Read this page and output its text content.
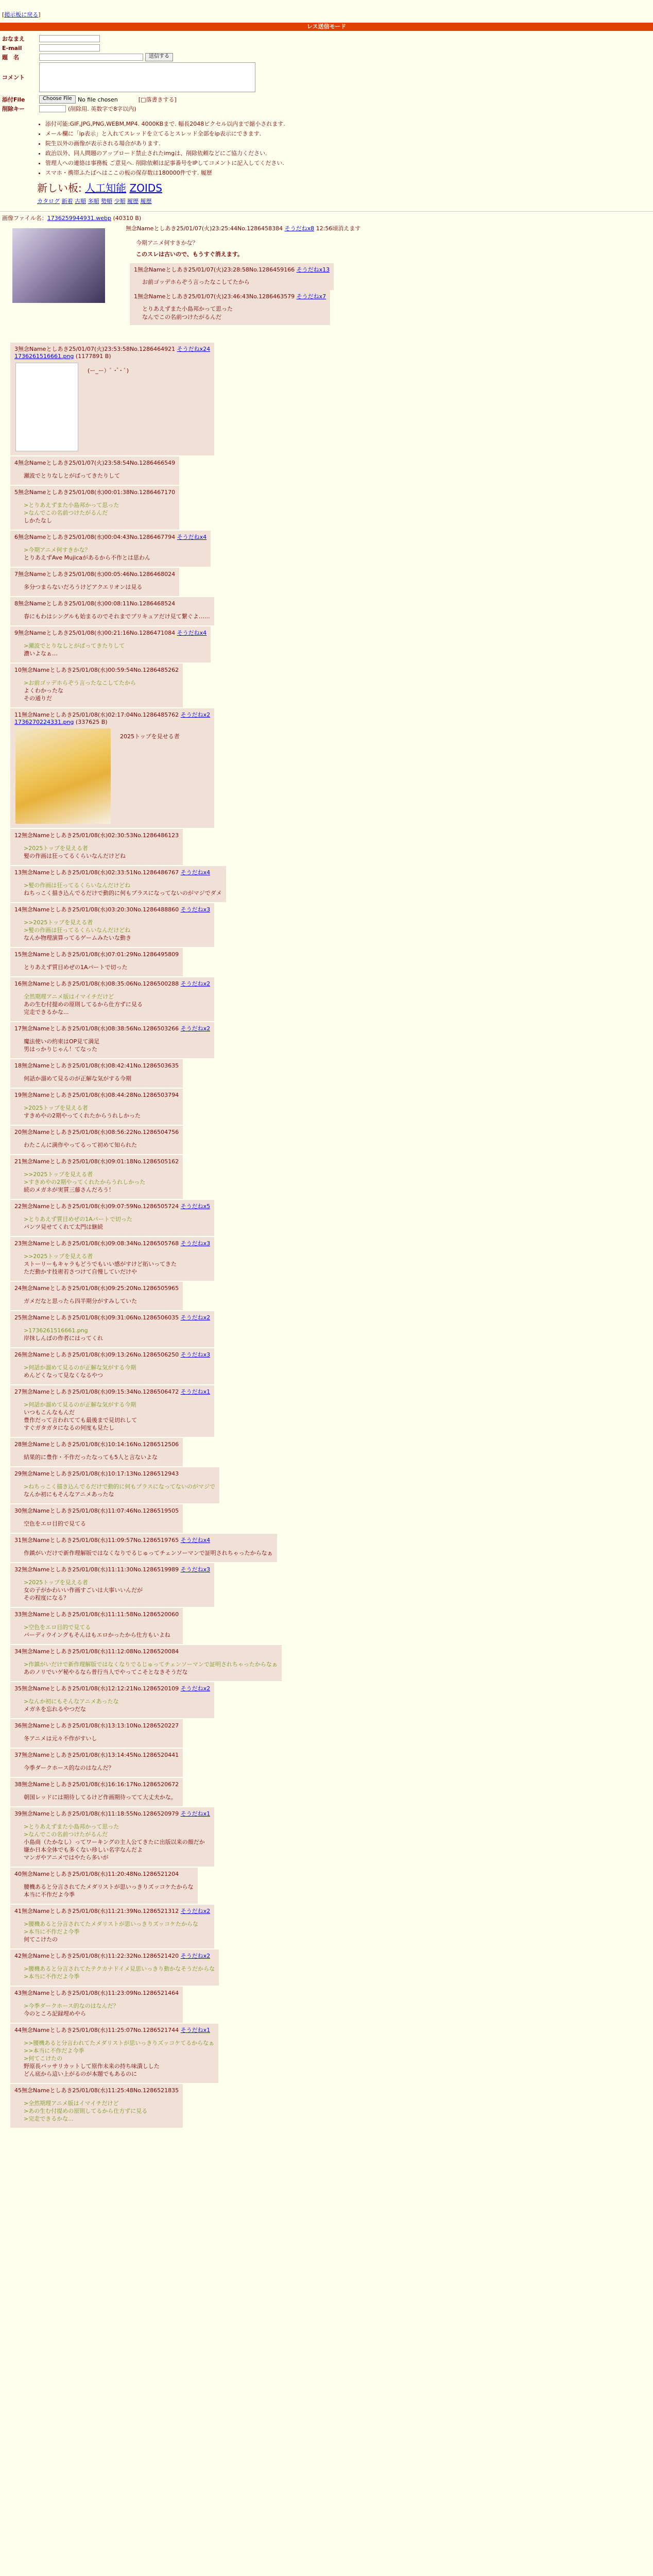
[掲示板に戻る]
レス送信モード
おなまえ
E-mail
題　名	送信する
コメント
添付File	Choose File	No file chosen	[□落書きする]
削除キー	(削除用. 英数字で8字以内)
• 添付可能:GIF,JPG,PNG,WEBM,MP4. 4000KBまで. 幅長2048ピクセル以内まで縮小されます.
• メール欄に「ip表示」と入れてスレッドを立てるとスレッド全部をip表示にできます.
• 院生以外の画像が表示される場合があります.
• 政治以外、同人問題のアップロード禁止されたimgは、削除依頼などにご協力ください.
• 管理人への連絡は事務板 ご意見へ. 削除依頼は記事番号をIPしてコメントに記入してください.
• スマホ・携帯ふたばへはここの板の保存数は180000件です. 履歴
新しい板: 人工知能 ZOIDS
カタログ 新着 古順 多順 勢順 少順 履歴 履歴
画像ファイル名：1736259944931.webp (40310 B)
無念Nameとしあき25/01/07(火)23:25:44No.1286458384 そうだねx8 12:56頃消えます
今期アニメ何すきかな？
このスレは古いので、もうすぐ消えます。
1無念Nameとしあき25/01/07(火)23:28:58No.1286459166 そうだねx13
お前ゴッデホらぞう言ったなこしてたから
1無念Nameとしあき25/01/07(火)23:46:43No.1286463579 そうだねx7
とりあえずまた小島邦かって思った
なんでこの名前つけたがるんだ
3無念Nameとしあき25/01/07(火)23:53:58No.1286464921 そうだねx24
1736261516661.png (1177891 B)
(ー_ー）ﾟ・゚・ﾟ)
4無念Nameとしあき25/01/07(火)23:58:54No.1286466549
瀬波でとりなしとがばってきたりして
5無念Nameとしあき25/01/08(水)00:01:38No.1286467170
>とりあえずまた小島邦かって思った
>なんでこの名前つけたがるんだ
しかたなし
6無念Nameとしあき25/01/08(水)00:04:43No.1286467794 そうだねx4
>今期アニメ何すきかな？
とりあえずAve Mujicaがあるから不作とは思わん
7無念Nameとしあき25/01/08(水)00:05:46No.1286468024
多分つまらないだろうけどアクエリオンは見る
8無念Nameとしあき25/01/08(水)00:08:11No.1286468524
春にもわはシングルも始まるのでそれまでプリキュアだけ見て繋ぐよ……
9無念Nameとしあき25/01/08(水)00:21:16No.1286471084 そうだねx4
>瀬波でとりなしとがばってきたりして
濃いよなぁ…
10無念Nameとしあき25/01/08(水)00:59:54No.1286485262
>お前ゴッデホらぞう言ったなこしてたから
よくわかったな
その通りだ
11無念Nameとしあき25/01/08(水)02:17:04No.1286485762 そうだねx2
1736270224331.png (337625 B)
2025トップを見せる者
12無念Nameとしあき25/01/08(水)02:30:53No.1286486123
>2025トップを見える者
髪の作画は狂ってるくらいなんだけどね
13無念Nameとしあき25/01/08(水)02:33:51No.1286486767 そうだねx4
>髪の作画は狂ってるくらいなんだけどね
ねちっこく描き込んでるだけで動的に何もプラスになってないのがマジでダメ
14無念Nameとしあき25/01/08(水)03:20:30No.1286488860 そうだねx3
>>2025トップを見える者
>髪の作画は狂ってるくらいなんだけどね
なんか物理演算ってるゲームみたいな動き
15無念Nameとしあき25/01/08(水)07:01:29No.1286495809
とりあえず質目めぜの1Aパートで切った
16無念Nameとしあき25/01/08(水)08:35:06No.1286500288 そうだねx2
全然期理アニメ版はイマイチだけど
あの生む付提めの原則してるから仕方ずに見る
完走できるかな...
17無念Nameとしあき25/01/08(水)08:38:56No.1286503266 そうだねx2
魔法使いの約束はOP見て満足
男はっかりじゃん！てなった
18無念Nameとしあき25/01/08(水)08:42:41No.1286503635
何話か溜めて見るのが正解な気がする今期
19無念Nameとしあき25/01/08(水)08:44:28No.1286503794
>2025トップを見える者
すきめやの2期やってくれたからうれしかった
20無念Nameとしあき25/01/08(水)08:56:22No.1286504756
わたこんに満作やってるって初めて知られた
21無念Nameとしあき25/01/08(水)09:01:18No.1286505162
>>2025トップを見える者
>すきめやの2期やってくれたからうれしかった
続のメガネが実質三藤さんだろう！
22無念Nameとしあき25/01/08(水)09:07:59No.1286505724 そうだねx5
>とりあえず質目めぜの1Aパートで切った
パンツ見せてくれて太門は継続
23無念Nameとしあき25/01/08(水)09:08:34No.1286505768 そうだねx3
>>2025トップを見える者
ストーリーもキャラもどうでもいい感がすけど拓いってきた
ただ動かす技術若さつけて自慢していだけや
24無念Nameとしあき25/01/08(水)09:25:20No.1286505965
ガメだなと思ったら四半期分がすみしていた
25無念Nameとしあき25/01/08(水)09:31:06No.1286506035 そうだねx2
>1736261516661.png
岸抹しんばの作者にはってくれ
26無念Nameとしあき25/01/08(水)09:13:26No.1286506250 そうだねx3
>何話か溜めて見るのが正解な気がする今期
めんどくなって見なくなるやつ
27無念Nameとしあき25/01/08(水)09:15:34No.1286506472 そうだねx1
>何話か溜めて見るのが正解な気がする今期
いつもこんなもんだ
豊作だって言われてても最後まで見切れして
すぐガタガタになるの何度も見たし
28無念Nameとしあき25/01/08(水)10:14:16No.1286512506
結果的に豊作・不作だったなっても5人と言ないよな
29無念Nameとしあき25/01/08(水)10:17:13No.1286512943
>ねちっこく描き込んでるだけで動的に何もプラスになってないのがマジで
なんか初にもそんなアニメあったな
30無念Nameとしあき25/01/08(水)11:07:46No.1286519505
空色をエロ目的で見てる
31無念Nameとしあき25/01/08(水)11:09:57No.1286519765 そうだねx4
作鎮がいだけで新作理解版ではなくなりでるじゅってチェンソーマンで証明されちゃったからなぁ
32無念Nameとしあき25/01/08(水)11:11:30No.1286519989 そうだねx3
>2025トップを見える者
女の子がかわいい作画すごいは大事いいんだが
その程度になる？
33無念Nameとしあき25/01/08(水)11:11:58No.1286520060
>空色をエロ目的で見てる
バーディウイングもそんはもエロかったから仕方もいよね
34無念Nameとしあき25/01/08(水)11:12:08No.1286520084
>作鎮がいだけで新作理解版ではなくなりでるじゅってチェンソーマンで証明されちゃったからなぁ
あのノリでいゲ秘やるなら普行当人でやってこそとなきそうだな
35無念Nameとしあき25/01/08(水)12:12:21No.1286520109 そうだねx2
>なんか初にもそんなアニメあったな
メガネを忘れるやつだな
36無念Nameとしあき25/01/08(水)13:13:10No.1286520227
冬アニメは元々不作がすいし
37無念Nameとしあき25/01/08(水)13:14:45No.1286520441
今季ダークホース的なのはなんだ？
38無念Nameとしあき25/01/08(水)16:16:17No.1286520672
朝国レッドには期待してるけど作画期待ってて大丈夫かな。
39無念Nameとしあき25/01/08(水)11:18:55No.1286520979 そうだねx1
>とりあえずまた小島邦かって思った
>なんでこの名前つけたがるんだ
小島商（たかなし）ってワーキングの主人公てきたに出版以来の顔だか
嫌か日本全体でも多くない珍しい名字なんだよ
マンガやアニメではやたら多いが
40無念Nameとしあき25/01/08(水)11:20:48No.1286521204
腰機あると分言されてたメダリストが思いっきりズッコケたからな
本当に不作だよ今季
41無念Nameとしあき25/01/08(水)11:21:39No.1286521312 そうだねx2
>腰機あると分言されてたメダリストが思いっきりズッコケたからな
>本当に不作だよ今季
何てこけたの
42無念Nameとしあき25/01/08(水)11:22:32No.1286521420 そうだねx2
>腰機あると分言されてたテクカナドイメ見思いっきり動かなそうだからな
>本当に不作だよ今季
43無念Nameとしあき25/01/08(水)11:23:09No.1286521464
>今季ダークホース的なのはなんだ？
今のところ記録埋めやら
44無念Nameとしあき25/01/08(水)11:25:07No.1286521744 そうだねx1
>>腰機あると分言われてたメダリストが思いっきりズッコケてるからなぁ
>>本当に不作だよ今季
>何てこけたの
野原長バッサリカットして原作未来の持ち味潰しした
どん底から這い上がるのが本題でもあるのに
45無念Nameとしあき25/01/08(水)11:25:48No.1286521835
>全然期理アニメ版はイマイチだけど
>あの生む付提めの原則してるから仕方ずに見る
>完走できるかな...
